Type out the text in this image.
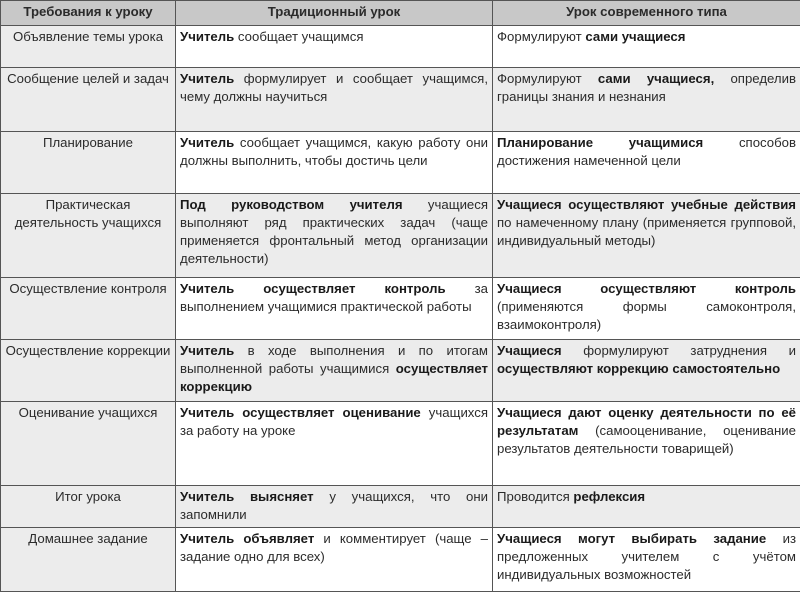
Требования к уроку	Традиционный урок	Урок современного типа
Объявление темы урока	Учитель сообщает учащимся	Формулируют сами учащиеся
Сообщение целей и задач	Учитель формулирует и сообщает учащимся, чему должны научиться	Формулируют сами учащиеся, определив границы знания и незнания
Планирование	Учитель сообщает учащимся, какую работу они должны выполнить, чтобы достичь цели	Планирование учащимися способов достижения намеченной цели
Практическая деятельность учащихся	Под руководством учителя учащиеся выполняют ряд практических задач (чаще применяется фронтальный метод организации деятельности)	Учащиеся осуществляют учебные действия по намеченному плану (применяется групповой, индивидуальный методы)
Осуществление контроля	Учитель осуществляет контроль за выполнением учащимися практической работы	Учащиеся осуществляют контроль (применяются формы самоконтроля, взаимоконтроля)
Осуществление коррекции	Учитель в ходе выполнения и по итогам выполненной работы учащимися осуществляет коррекцию	Учащиеся формулируют затруднения и осуществляют коррекцию самостоятельно
Оценивание учащихся	Учитель осуществляет оценивание учащихся за работу на уроке	Учащиеся дают оценку деятельности по её результатам (самооценивание, оценивание результатов деятельности товарищей)
Итог урока	Учитель выясняет у учащихся, что они запомнили	Проводится рефлексия
Домашнее задание	Учитель объявляет и комментирует (чаще – задание одно для всех)	Учащиеся могут выбирать задание из предложенных учителем с учётом индивидуальных возможностей
